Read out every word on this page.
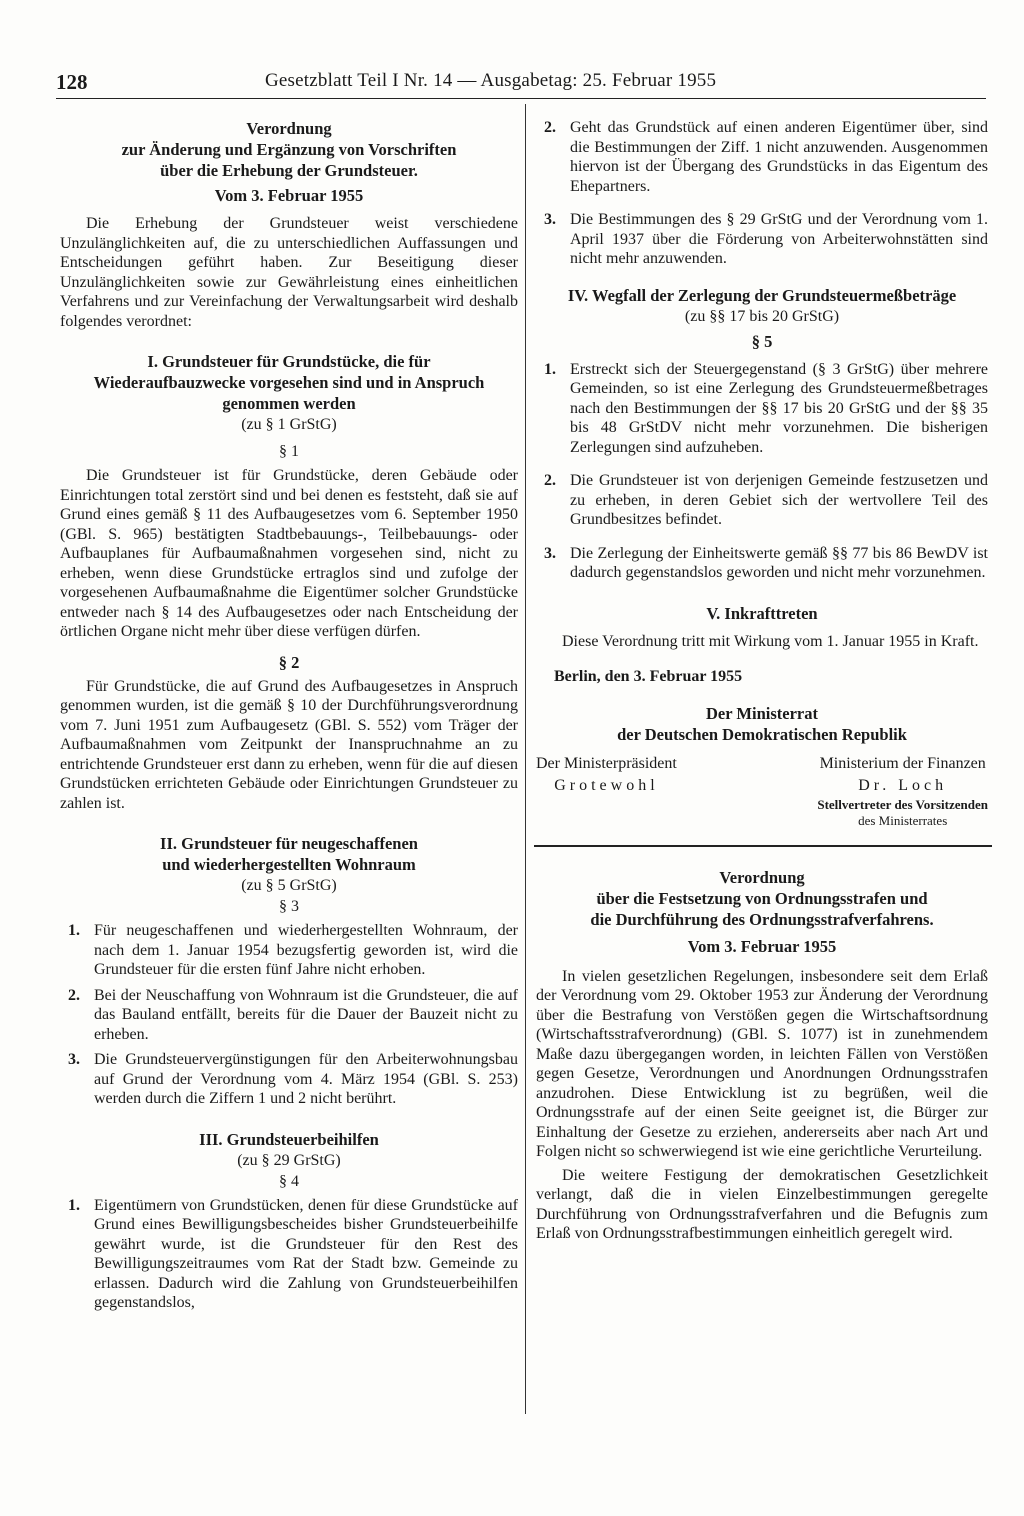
128	Gesetzblatt Teil I Nr. 14 — Ausgabetag: 25. Februar 1955

Verordnung

zur Änderung und Ergänzung von Vorschriften

über die Erhebung der Grundsteuer.

Vom 3. Februar 1955

Die Erhebung der Grundsteuer weist verschiedene Unzulänglichkeiten auf, die zu unterschiedlichen Auffassungen und Entscheidungen geführt haben. Zur Beseitigung dieser Unzulänglichkeiten sowie zur Gewährleistung eines einheitlichen Verfahrens und zur Vereinfachung der Verwaltungsarbeit wird deshalb folgendes verordnet:

I. Grundsteuer für Grundstücke, die für

Wiederaufbauzwecke vorgesehen sind und in Anspruch

genommen werden

(zu § 1 GrStG)

§ 1

Die Grundsteuer ist für Grundstücke, deren Gebäude oder Einrichtungen total zerstört sind und bei denen es feststeht, daß sie auf Grund eines gemäß § 11 des Aufbaugesetzes vom 6. September 1950 (GBl. S. 965) bestätigten Stadtbebauungs-, Teilbebauungs- oder Aufbauplanes für Aufbaumaßnahmen vorgesehen sind, nicht zu erheben, wenn diese Grundstücke ertraglos sind und zufolge der vorgesehenen Aufbaumaßnahme die Eigentümer solcher Grundstücke entweder nach § 14 des Aufbaugesetzes oder nach Entscheidung der örtlichen Organe nicht mehr über diese verfügen dürfen.

§ 2

Für Grundstücke, die auf Grund des Aufbaugesetzes in Anspruch genommen wurden, ist die gemäß § 10 der Durchführungsverordnung vom 7. Juni 1951 zum Aufbaugesetz (GBl. S. 552) vom Träger der Aufbaumaßnahmen vom Zeitpunkt der Inanspruchnahme an zu entrichtende Grundsteuer erst dann zu erheben, wenn für die auf diesen Grundstücken errichteten Gebäude oder Einrichtungen Grundsteuer zu zahlen ist.

II. Grundsteuer für neugeschaffenen

und wiederhergestellten Wohnraum

(zu § 5 GrStG)

§ 3

1. Für neugeschaffenen und wiederhergestellten Wohnraum, der nach dem 1. Januar 1954 bezugsfertig geworden ist, wird die Grundsteuer für die ersten fünf Jahre nicht erhoben.

2. Bei der Neuschaffung von Wohnraum ist die Grundsteuer, die auf das Bauland entfällt, bereits für die Dauer der Bauzeit nicht zu erheben.

3. Die Grundsteuervergünstigungen für den Arbeiterwohnungsbau auf Grund der Verordnung vom 4. März 1954 (GBl. S. 253) werden durch die Ziffern 1 und 2 nicht berührt.

III. Grundsteuerbeihilfen

(zu § 29 GrStG)

§ 4

1. Eigentümern von Grundstücken, denen für diese Grundstücke auf Grund eines Bewilligungsbescheides bisher Grundsteuerbeihilfe gewährt wurde, ist die Grundsteuer für den Rest des Bewilligungszeitraumes vom Rat der Stadt bzw. Gemeinde zu erlassen. Dadurch wird die Zahlung von Grundsteuerbeihilfen gegenstandslos,

2. Geht das Grundstück auf einen anderen Eigentümer über, sind die Bestimmungen der Ziff. 1 nicht anzuwenden. Ausgenommen hiervon ist der Übergang des Grundstücks in das Eigentum des Ehepartners.

3. Die Bestimmungen des § 29 GrStG und der Verordnung vom 1. April 1937 über die Förderung von Arbeiterwohnstätten sind nicht mehr anzuwenden.

IV. Wegfall der Zerlegung der Grundsteuermeßbeträge

(zu §§ 17 bis 20 GrStG)

§ 5

1. Erstreckt sich der Steuergegenstand (§ 3 GrStG) über mehrere Gemeinden, so ist eine Zerlegung des Grundsteuermeßbetrages nach den Bestimmungen der §§ 17 bis 20 GrStG und der §§ 35 bis 48 GrStDV nicht mehr vorzunehmen. Die bisherigen Zerlegungen sind aufzuheben.

2. Die Grundsteuer ist von derjenigen Gemeinde festzusetzen und zu erheben, in deren Gebiet sich der wertvollere Teil des Grundbesitzes befindet.

3. Die Zerlegung der Einheitswerte gemäß §§ 77 bis 86 BewDV ist dadurch gegenstandslos geworden und nicht mehr vorzunehmen.

V. Inkrafttreten

Diese Verordnung tritt mit Wirkung vom 1. Januar 1955 in Kraft.

Berlin, den 3. Februar 1955

Der Ministerrat

der Deutschen Demokratischen Republik

Der Ministerpräsident
Grotewohl
Ministerium der Finanzen
Dr. Loch
Stellvertreter des Vorsitzenden
des Ministerrates

Verordnung

über die Festsetzung von Ordnungsstrafen und

die Durchführung des Ordnungsstrafverfahrens.

Vom 3. Februar 1955

In vielen gesetzlichen Regelungen, insbesondere seit dem Erlaß der Verordnung vom 29. Oktober 1953 zur Änderung der Verordnung über die Bestrafung von Verstößen gegen die Wirtschaftsordnung (Wirtschaftsstrafverordnung) (GBl. S. 1077) ist in zunehmendem Maße dazu übergegangen worden, in leichten Fällen von Verstößen gegen Gesetze, Verordnungen und Anordnungen Ordnungsstrafen anzudrohen. Diese Entwicklung ist zu begrüßen, weil die Ordnungsstrafe auf der einen Seite geeignet ist, die Bürger zur Einhaltung der Gesetze zu erziehen, andererseits aber nach Art und Folgen nicht so schwerwiegend ist wie eine gerichtliche Verurteilung.

Die weitere Festigung der demokratischen Gesetzlichkeit verlangt, daß die in vielen Einzelbestimmungen geregelte Durchführung von Ordnungsstrafverfahren und die Befugnis zum Erlaß von Ordnungsstrafbestimmungen einheitlich geregelt wird.
